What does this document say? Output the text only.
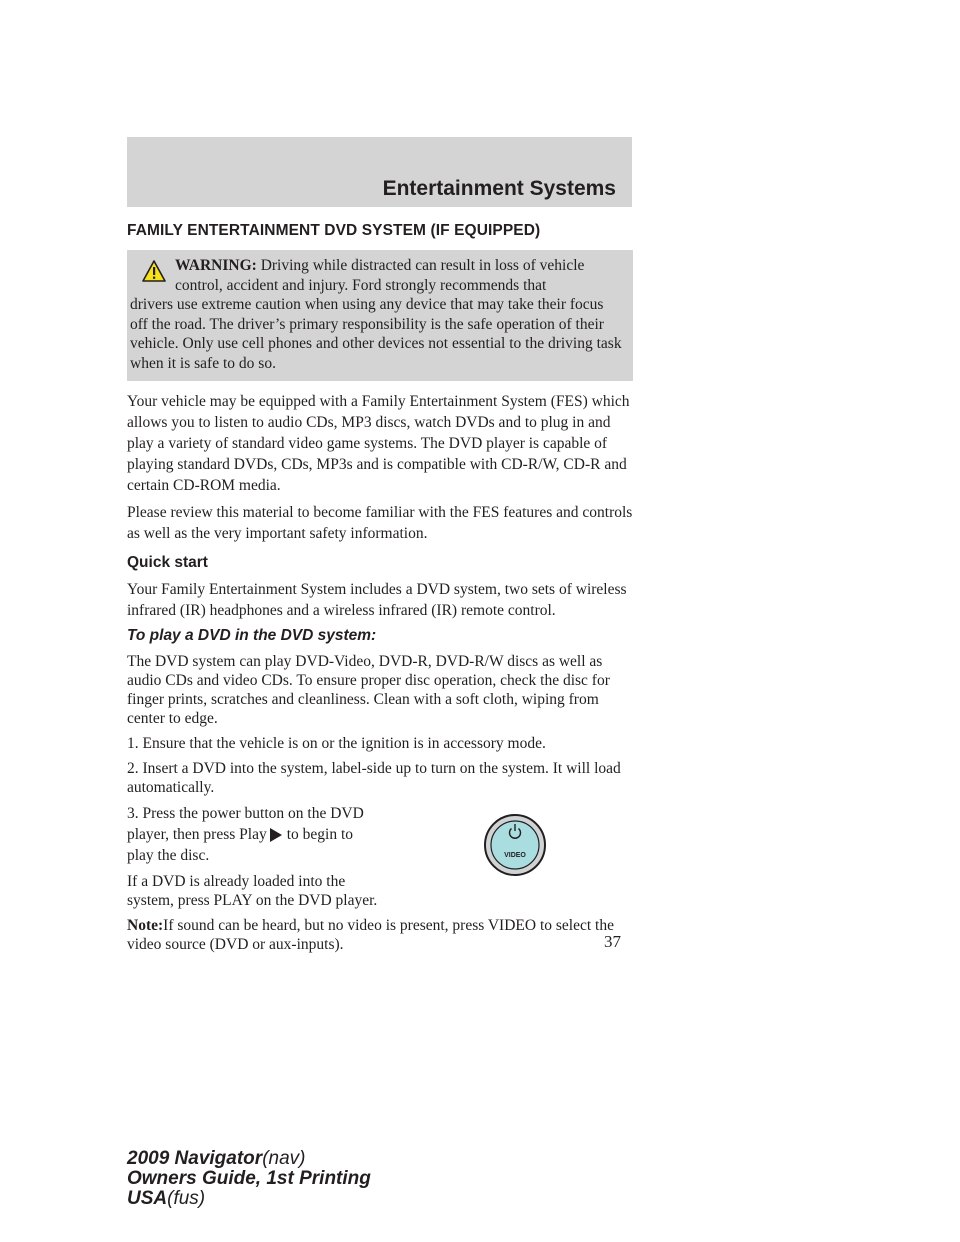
Entertainment Systems
FAMILY ENTERTAINMENT DVD SYSTEM (IF EQUIPPED)
WARNING: Driving while distracted can result in loss of vehicle
control, accident and injury. Ford strongly recommends that
drivers use extreme caution when using any device that may take their focus off the road. The driver’s primary responsibility is the safe operation of their vehicle. Only use cell phones and other devices not essential to the driving task when it is safe to do so.

Your vehicle may be equipped with a Family Entertainment System (FES) which allows you to listen to audio CDs, MP3 discs, watch DVDs and to plug in and play a variety of standard video game systems. The DVD player is capable of playing standard DVDs, CDs, MP3s and is compatible with CD-R/W, CD-R and certain CD-ROM media.

Please review this material to become familiar with the FES features and controls as well as the very important safety information.

Quick start

Your Family Entertainment System includes a DVD system, two sets of wireless infrared (IR) headphones and a wireless infrared (IR) remote control.

To play a DVD in the DVD system:

The DVD system can play DVD-Video, DVD-R, DVD-R/W discs as well as audio CDs and video CDs. To ensure proper disc operation, check the disc for finger prints, scratches and cleanliness. Clean with a soft cloth, wiping from center to edge.

1. Ensure that the vehicle is on or the ignition is in accessory mode.

2. Insert a DVD into the system, label-side up to turn on the system. It will load automatically.

3. Press the power button on the DVD player, then press Play to begin to play the disc.

If a DVD is already loaded into the system, press PLAY on the DVD player.

VIDEO

Note:If sound can be heard, but no video is present, press VIDEO to select the video source (DVD or aux-inputs).	37
2009 Navigator(nav)
Owners Guide, 1st Printing
USA(fus)
